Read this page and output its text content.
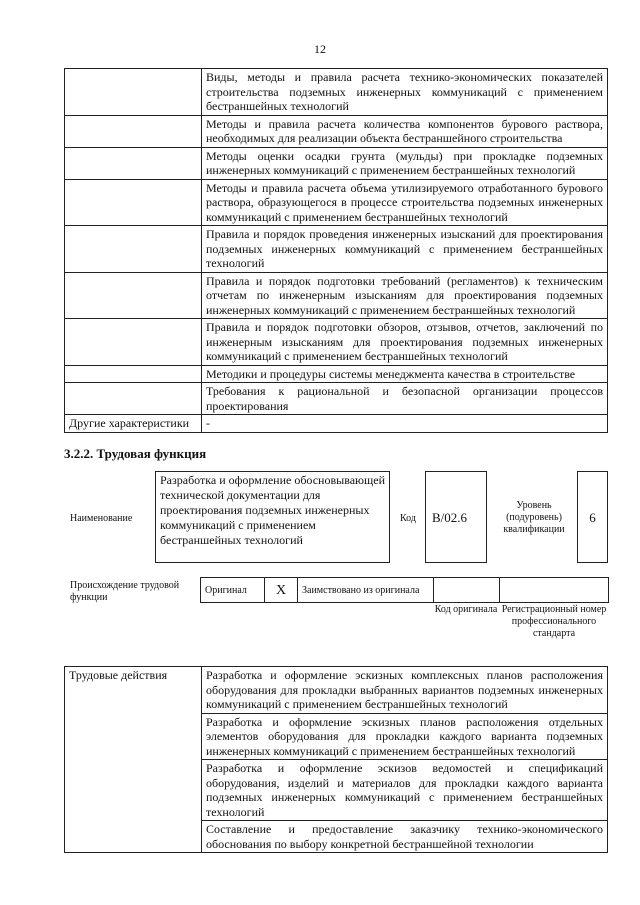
12
	Виды, методы и правила расчета технико-экономических показателей строительства подземных инженерных коммуникаций с применением бестраншейных технологий
	Методы и правила расчета количества компонентов бурового раствора, необходимых для реализации объекта бестраншейного строительства
	Методы оценки осадки грунта (мульды) при прокладке подземных инженерных коммуникаций с применением бестраншейных технологий
	Методы и правила расчета объема утилизируемого отработанного бурового раствора, образующегося в процессе строительства подземных инженерных коммуникаций с применением бестраншейных технологий
	Правила и порядок проведения инженерных изысканий для проектирования подземных инженерных коммуникаций с применением бестраншейных технологий
	Правила и порядок подготовки требований (регламентов) к техническим отчетам по инженерным изысканиям для проектирования подземных инженерных коммуникаций с применением бестраншейных технологий
	Правила и порядок подготовки обзоров, отзывов, отчетов, заключений по инженерным изысканиям для проектирования подземных инженерных коммуникаций с применением бестраншейных технологий
	Методики и процедуры системы менеджмента качества в строительстве
	Требования к рациональной и безопасной организации процессов проектирования
Другие характеристики	-
3.2.2. Трудовая функция
Наименование
Разработка и оформление обосновывающей технической документации для проектирования подземных инженерных коммуникаций с применением бестраншейных технологий
Код	B/02.6
Уровень (подуровень) квалификации
6
Происхождение трудовой функции
Оригинал	X	Заимствовано из оригинала		
Код оригинала Регистрационный номер профессионального стандарта
Трудовые действия	Разработка и оформление эскизных комплексных планов расположения оборудования для прокладки выбранных вариантов подземных инженерных коммуникаций с применением бестраншейных технологий
Разработка и оформление эскизных планов расположения отдельных элементов оборудования для прокладки каждого варианта подземных инженерных коммуникаций с применением бестраншейных технологий
Разработка и оформление эскизов ведомостей и спецификаций оборудования, изделий и материалов для прокладки каждого варианта подземных инженерных коммуникаций с применением бестраншейных технологий
Составление и предоставление заказчику технико-экономического обоснования по выбору конкретной бестраншейной технологии
